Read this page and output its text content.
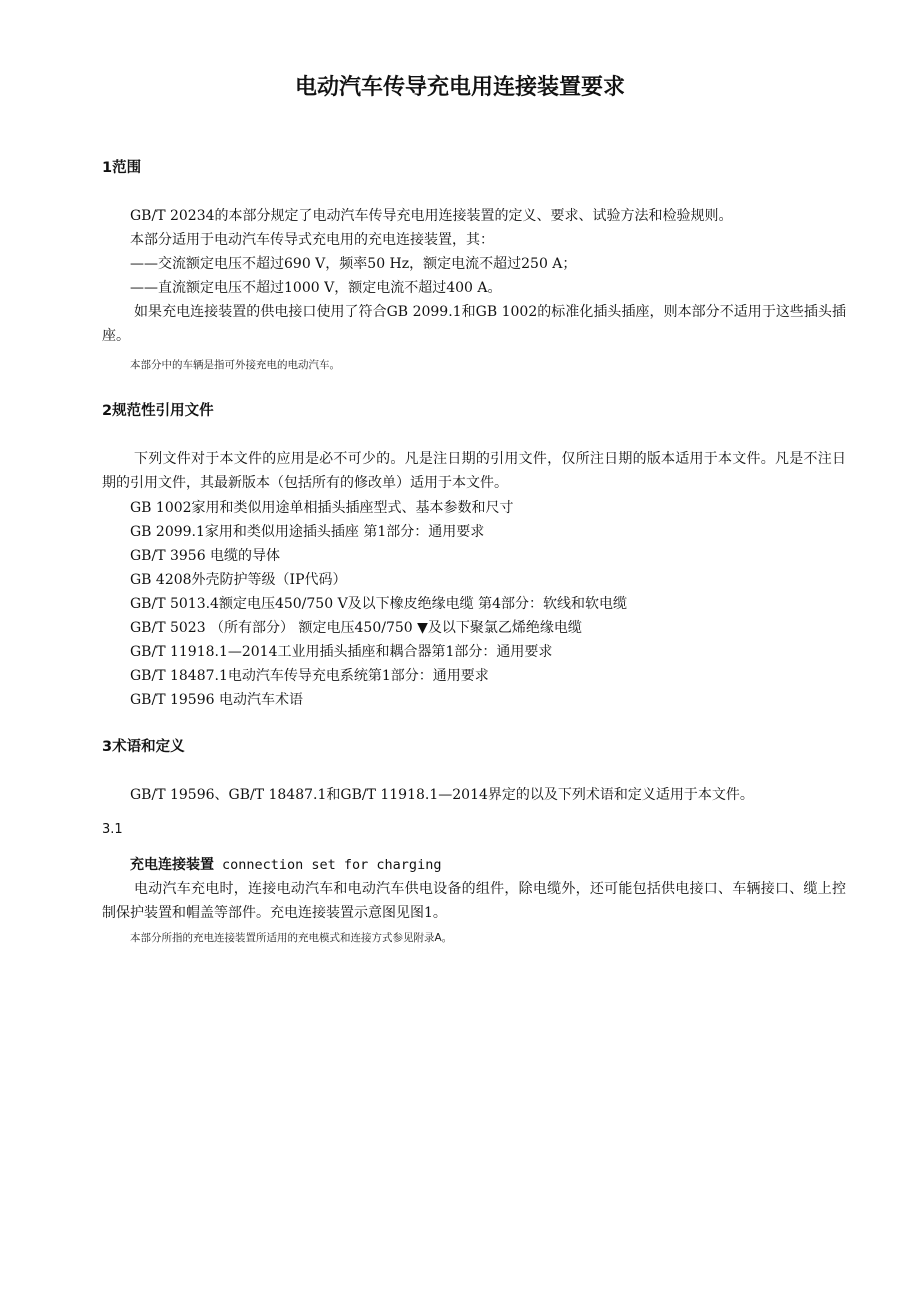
电动汽车传导充电用连接装置要求
1范围

GB/T 20234的本部分规定了电动汽车传导充电用连接装置的定义、要求、试验方法和检验规则。

本部分适用于电动汽车传导式充电用的充电连接装置，其：

——交流额定电压不超过690 V，频率50 Hz，额定电流不超过250 A；

——直流额定电压不超过1000 V，额定电流不超过400 A。

如果充电连接装置的供电接口使用了符合GB 2099.1和GB 1002的标准化插头插座，则本部分不适用于这些插头插座。

本部分中的车辆是指可外接充电的电动汽车。

2规范性引用文件

下列文件对于本文件的应用是必不可少的。凡是注日期的引用文件，仅所注日期的版本适用于本文件。凡是不注日期的引用文件，其最新版本（包括所有的修改单）适用于本文件。

GB 1002家用和类似用途单相插头插座型式、基本参数和尺寸

GB 2099.1家用和类似用途插头插座 第1部分：通用要求

GB/T 3956 电缆的导体

GB 4208外壳防护等级（IP代码）

GB/T 5013.4额定电压450/750 V及以下橡皮绝缘电缆 第4部分：软线和软电缆

GB/T 5023 （所有部分） 额定电压450/750 ▼及以下聚氯乙烯绝缘电缆

GB/T 11918.1—2014工业用插头插座和耦合器第1部分：通用要求

GB/T 18487.1电动汽车传导充电系统第1部分：通用要求

GB/T 19596 电动汽车术语

3术语和定义

GB/T 19596、GB/T 18487.1和GB/T 11918.1—2014界定的以及下列术语和定义适用于本文件。

3.1

充电连接装置 connection set for charging

电动汽车充电时，连接电动汽车和电动汽车供电设备的组件，除电缆外，还可能包括供电接口、车辆接口、缆上控制保护装置和帽盖等部件。充电连接装置示意图见图1。

本部分所指的充电连接装置所适用的充电模式和连接方式参见附录A。
